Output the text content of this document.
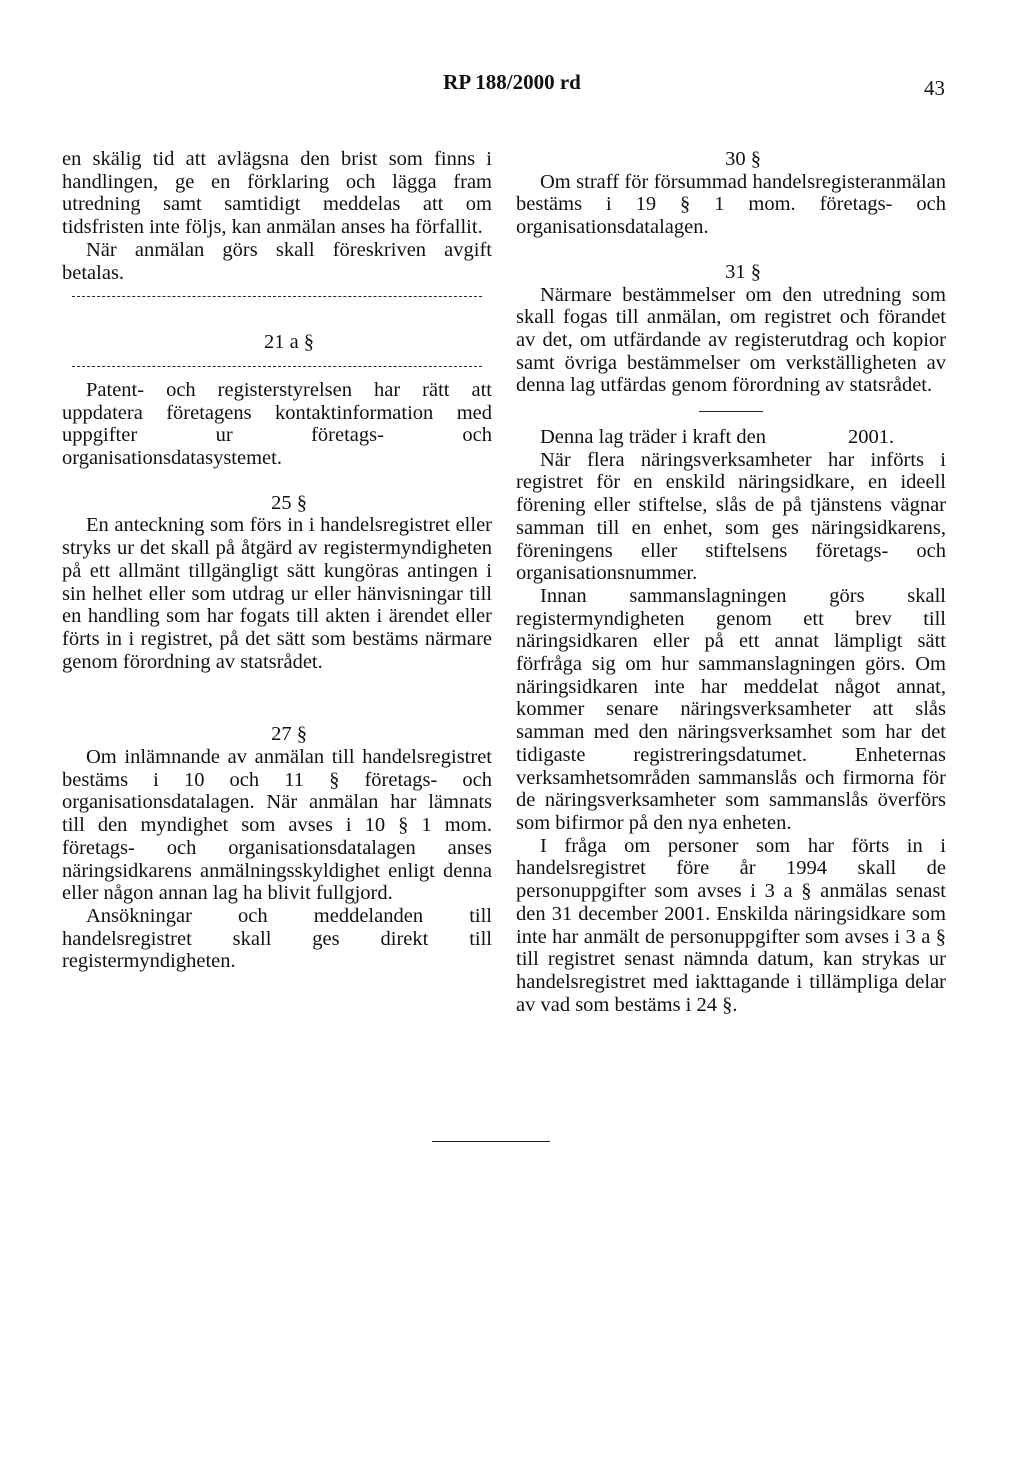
RP 188/2000 rd	43

en skälig tid att avlägsna den brist som finns i handlingen, ge en förklaring och lägga fram utredning samt samtidigt meddelas att om tidsfristen inte följs, kan anmälan anses ha förfallit.

När anmälan görs skall föreskriven avgift betalas.

21 a §

Patent- och registerstyrelsen har rätt att uppdatera företagens kontaktinformation med uppgifter ur företags- och organisationsdatasystemet.

25 §

En anteckning som förs in i handelsregistret eller stryks ur det skall på åtgärd av registermyndigheten på ett allmänt tillgängligt sätt kungöras antingen i sin helhet eller som utdrag ur eller hänvisningar till en handling som har fogats till akten i ärendet eller förts in i registret, på det sätt som bestäms närmare genom förordning av statsrådet.

27 §

Om inlämnande av anmälan till handelsregistret bestäms i 10 och 11 § företags- och organisationsdatalagen. När anmälan har lämnats till den myndighet som avses i 10 § 1 mom. företags- och organisationsdatalagen anses näringsidkarens anmälningsskyldighet enligt denna eller någon annan lag ha blivit fullgjord.

Ansökningar och meddelanden till handelsregistret skall ges direkt till registermyndigheten.

30 §

Om straff för försummad handelsregisteranmälan bestäms i 19 § 1 mom. företags- och organisationsdatalagen.

31 §

Närmare bestämmelser om den utredning som skall fogas till anmälan, om registret och förandet av det, om utfärdande av registerutdrag och kopior samt övriga bestämmelser om verkställigheten av denna lag utfärdas genom förordning av statsrådet.

Denna lag träder i kraft den                2001.

När flera näringsverksamheter har införts i registret för en enskild näringsidkare, en ideell förening eller stiftelse, slås de på tjänstens vägnar samman till en enhet, som ges näringsidkarens, föreningens eller stiftelsens företags- och organisationsnummer.

Innan sammanslagningen görs skall registermyndigheten genom ett brev till näringsidkaren eller på ett annat lämpligt sätt förfråga sig om hur sammanslagningen görs. Om näringsidkaren inte har meddelat något annat, kommer senare näringsverksamheter att slås samman med den näringsverksamhet som har det tidigaste registreringsdatumet. Enheternas verksamhetsområden sammanslås och firmorna för de näringsverksamheter som sammanslås överförs som bifirmor på den nya enheten.

I fråga om personer som har förts in i handelsregistret före år 1994 skall de personuppgifter som avses i 3 a § anmälas senast den 31 december 2001. Enskilda näringsidkare som inte har anmält de personuppgifter som avses i 3 a § till registret senast nämnda datum, kan strykas ur handelsregistret med iakttagande i tillämpliga delar av vad som bestäms i 24 §.
